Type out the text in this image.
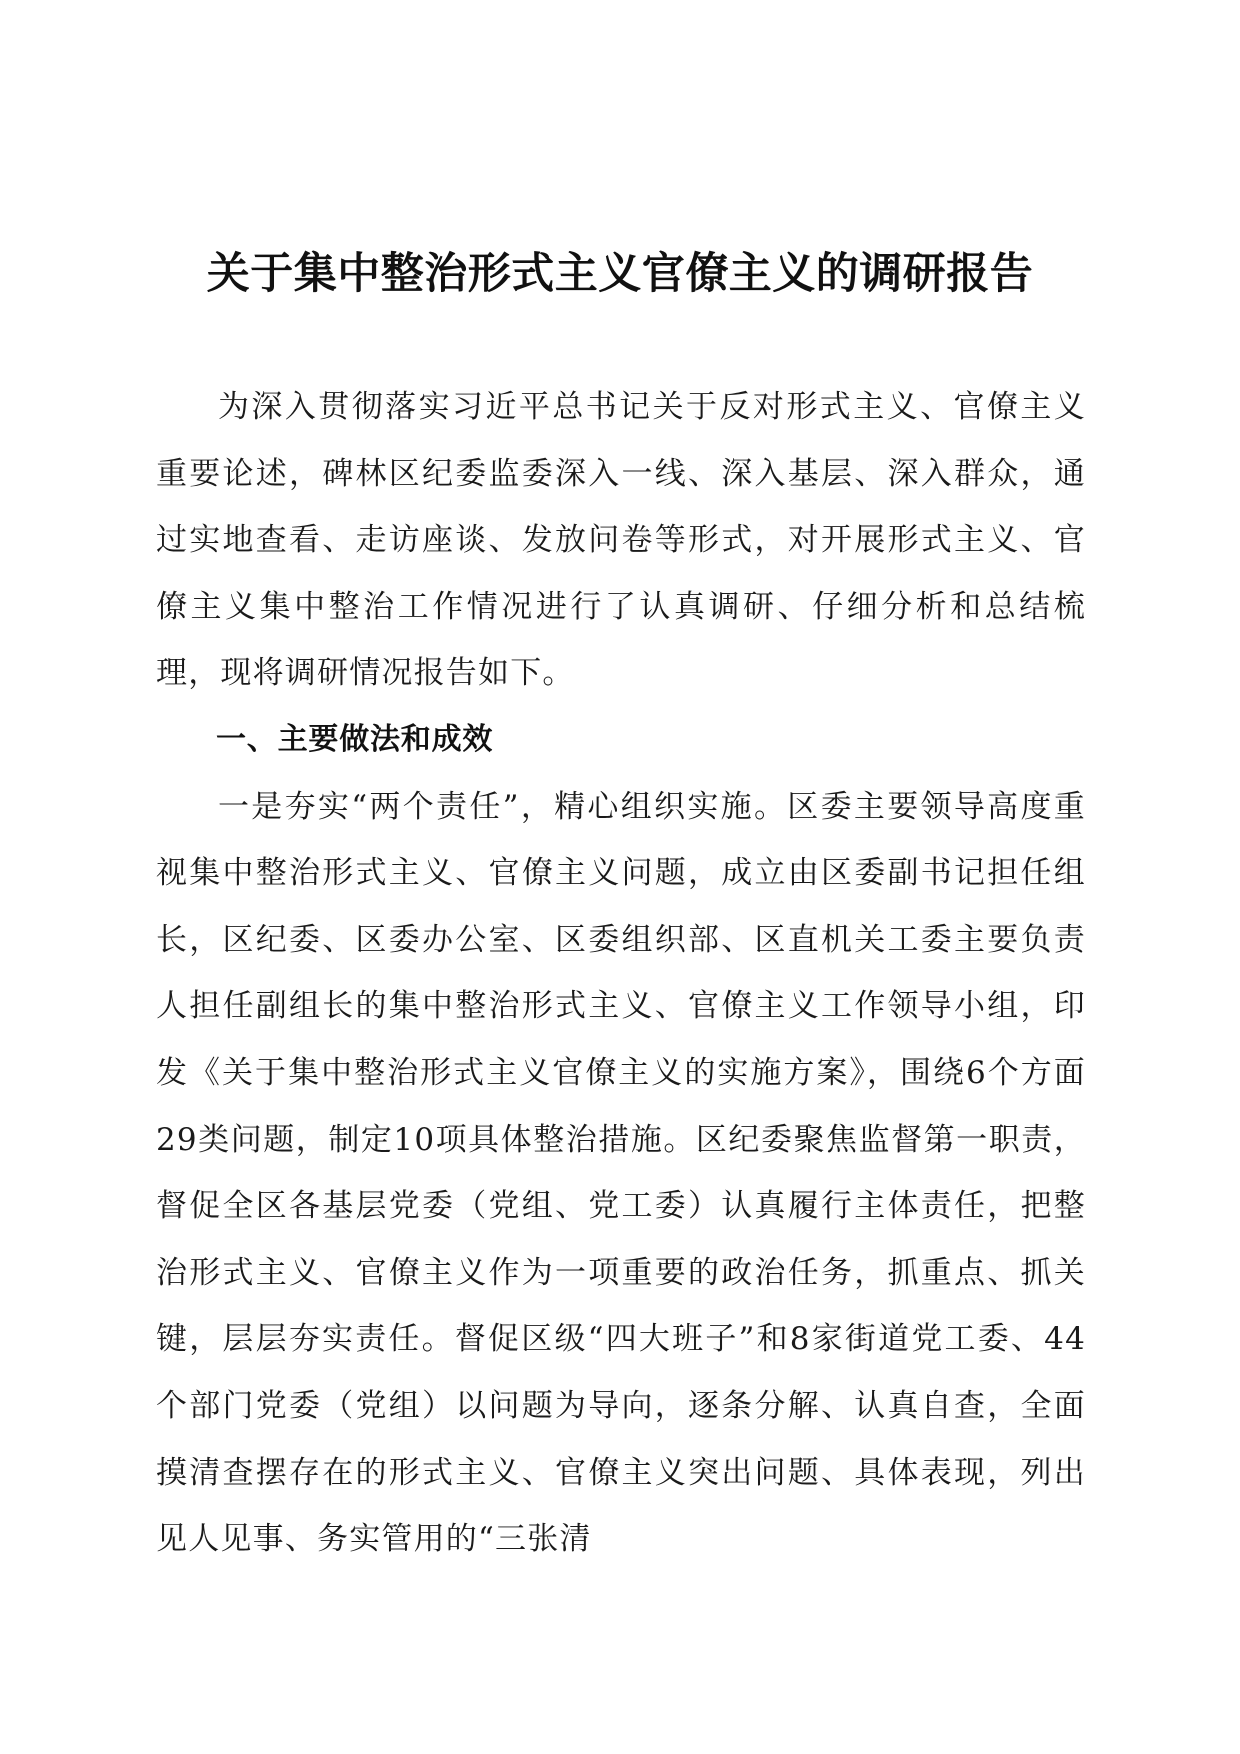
关于集中整治形式主义官僚主义的调研报告

为深入贯彻落实习近平总书记关于反对形式主义、官僚主义重要论述，碑林区纪委监委深入一线、深入基层、深入群众，通过实地查看、走访座谈、发放问卷等形式，对开展形式主义、官僚主义集中整治工作情况进行了认真调研、仔细分析和总结梳理，现将调研情况报告如下。

一、主要做法和成效

一是夯实“两个责任”，精心组织实施。区委主要领导高度重视集中整治形式主义、官僚主义问题，成立由区委副书记担任组长，区纪委、区委办公室、区委组织部、区直机关工委主要负责人担任副组长的集中整治形式主义、官僚主义工作领导小组，印发《关于集中整治形式主义官僚主义的实施方案》，围绕6个方面29类问题，制定10项具体整治措施。区纪委聚焦监督第一职责，督促全区各基层党委（党组、党工委）认真履行主体责任，把整治形式主义、官僚主义作为一项重要的政治任务，抓重点、抓关键，层层夯实责任。督促区级“四大班子”和8家街道党工委、44个部门党委（党组）以问题为导向，逐条分解、认真自查，全面摸清查摆存在的形式主义、官僚主义突出问题、具体表现，列出见人见事、务实管用的“三张清
